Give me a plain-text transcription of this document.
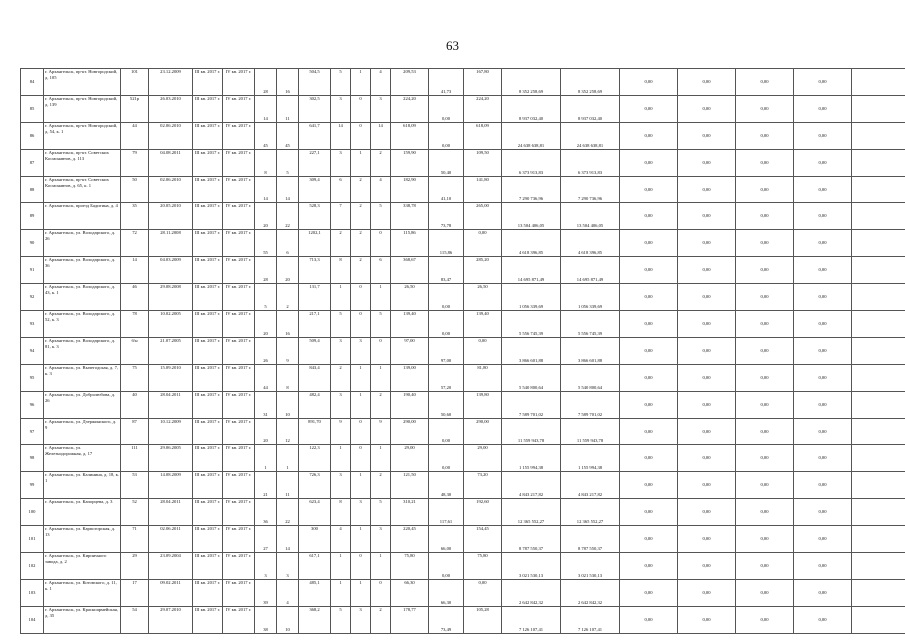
63
84	г. Архангельск, пр-кт. Новгородский, д. 105	101	23.12.2009	III кв. 2017 г.	IV кв. 2017 г.	28	16	504,5	5	1	4	209,53	41,73	167,80	8 352 258,69	8 352 258,69	0,00	0,00	0,00	0,00	
85	г. Архангельск, пр-кт. Новгородский, д. 139	521р	26.03.2010	III кв. 2017 г.	IV кв. 2017 г.	14	11	302,5	3	0	3	224,20	0,00	224,20	8 937 032,40	8 937 032,40	0,00	0,00	0,00	0,00	
86	г. Архангельск, пр-кт. Новгородский, д. 54, к. 1	44	02.06.2010	III кв. 2017 г.	IV кв. 2017 г.	45	45	641,7	14	0	14	618,09	0,00	618,09	24 638 638,81	24 638 638,81	0,00	0,00	0,00	0,00	
87	г. Архангельск, пр-кт. Советских Космонавтов, д. 113	79	04.08.2011	III кв. 2017 г.	IV кв. 2017 г.	8	5	227,1	3	1	2	159,90	50,40	109,50	6 373 913,83	6 373 913,83	0,00	0,00	0,00	0,00	
88	г. Архангельск, пр-кт. Советских Космонавтов, д. 65, к. 1	50	02.06.2010	III кв. 2017 г.	IV кв. 2017 г.	14	14	309,4	6	2	4	182,90	41,10	141,80	7 290 736,96	7 290 736,96	0,00	0,00	0,00	0,00	
89	г. Архангельск, проезд Бадигина, д. 4	35	20.05.2010	III кв. 2017 г.	IV кв. 2017 г.	20	22	528,3	7	2	5	338,78	73,78	265,00	13 504 406,05	13 504 406,05	0,00	0,00	0,00	0,00	
90	г. Архангельск, ул. Володарского, д. 26	72	28.11.2008	III кв. 2017 г.	IV кв. 2017 г.	55	6	1202,1	2	2	0	115,86	115,86	0,00	4 618 396,85	4 618 396,85	0,00	0,00	0,00	0,00	
91	г. Архангельск, ул. Володарского, д. 36	14	04.03.2009	III кв. 2017 г.	IV кв. 2017 г.	28	20	713,3	8	2	6	368,67	83,47	285,20	14 695 871,49	14 695 871,49	0,00	0,00	0,00	0,00	
92	г. Архангельск, ул. Володарского, д. 43, к. 1	46	29.08.2008	III кв. 2017 г.	IV кв. 2017 г.	5	2	131,7	1	0	1	26,50	0,00	26,50	1 056 339,69	1 056 339,69	0,00	0,00	0,00	0,00	
93	г. Архангельск, ул. Володарского, д. 52, к. 3	78	10.02.2005	III кв. 2017 г.	IV кв. 2017 г.	20	16	217,1	5	0	5	139,40	0,00	139,40	5 556 745,39	5 556 745,39	0,00	0,00	0,00	0,00	
94	г. Архангельск, ул. Володарского, д. 81, к. 3	б/н	21.07.2005	III кв. 2017 г.	IV кв. 2017 г.	26	9	509,4	3	3	0	97,00	97,00	0,00	3 866 601,88	3 866 601,88	0,00	0,00	0,00	0,00	
95	г. Архангельск, ул. Вычегодская, д. 7, к. 3	75	15.09.2010	III кв. 2017 г.	IV кв. 2017 г.	44	8	843,4	2	1	1	139,00	57,20	81,80	5 540 800,64	5 540 800,64	0,00	0,00	0,00	0,00	
96	г. Архангельск, ул. Добролюбова, д. 26	40	28.04.2011	III кв. 2017 г.	IV кв. 2017 г.	31	10	482,4	3	1	2	190,40	50,60	139,80	7 589 701,02	7 589 701,02	0,00	0,00	0,00	0,00	
97	г. Архангельск, ул. Дзержинского, д. 9	87	10.12.2009	III кв. 2017 г.	IV кв. 2017 г.	20	12	891,70	9	0	9	290,00	0,00	290,00	11 559 943,78	11 559 943,78	0,00	0,00	0,00	0,00	
98	г. Архангельск, ул. Железнодорожная, д. 17	111	29.06.2005	III кв. 2017 г.	IV кв. 2017 г.	1	1	122,3	1	0	1	29,00	0,00	29,00	1 155 994,38	1 155 994,38	0,00	0,00	0,00	0,00	
99	г. Архангельск, ул. Калинина, д. 18, к. 1	53	14.08.2009	III кв. 2017 г.	IV кв. 2017 г.	21	11	726,3	3	1	2	121,50	48,30	73,20	4 843 217,82	4 843 217,82	0,00	0,00	0,00	0,00	
100	г. Архангельск, ул. Капорцева, д. 3	52	28.04.2011	III кв. 2017 г.	IV кв. 2017 г.	36	22	623,4	8	3	5	310,21	117,61	192,60	12 365 552,27	12 365 552,27	0,00	0,00	0,00	0,00	
101	г. Архангельск, ул. Карпогорская, д. 13	71	02.06.2011	III кв. 2017 г.	IV кв. 2017 г.	27	14	300	4	1	3	220,45	66,00	154,45	8 787 550,37	8 787 550,37	0,00	0,00	0,00	0,00	
102	г. Архангельск, ул. Кирпичного завода, д. 2	29	23.09.2004	III кв. 2017 г.	IV кв. 2017 г.	3	3	617,1	1	0	1	75,80	0,00	75,80	3 021 530,13	3 021 530,13	0,00	0,00	0,00	0,00	
103	г. Архангельск, ул. Котовского, д. 11, к. 1	17	09.02.2011	III кв. 2017 г.	IV кв. 2017 г.	39	4	485,1	1	1	0	66,30	66,30	0,00	2 642 842,32	2 642 842,32	0,00	0,00	0,00	0,00	
104	г. Архангельск, ул. Красноармейская, д. 35	54	29.07.2010	III кв. 2017 г.	IV кв. 2017 г.	38	10	368,2	5	3	2	178,77	73,49	105,28	7 126 107,41	7 126 107,41	0,00	0,00	0,00	0,00	
